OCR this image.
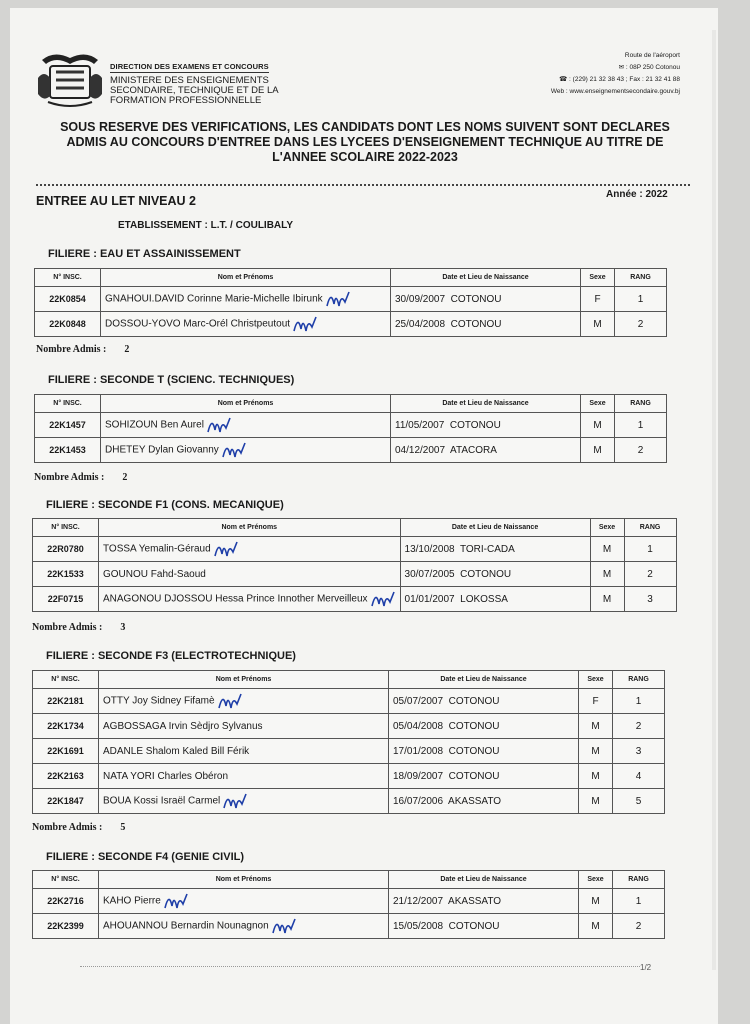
DIRECTION DES EXAMENS ET CONCOURS
MINISTERE DES ENSEIGNEMENTS SECONDAIRE, TECHNIQUE ET DE LA FORMATION PROFESSIONNELLE
Route de l'aéroport
✉ : 08P 250 Cotonou
☎ : (229) 21 32 38 43 ; Fax : 21 32 41 88
Web : www.enseignementsecondaire.gouv.bj
SOUS RESERVE DES VERIFICATIONS, LES CANDIDATS DONT LES NOMS SUIVENT SONT DECLARES ADMIS AU CONCOURS D'ENTREE DANS LES LYCEES D'ENSEIGNEMENT TECHNIQUE AU TITRE DE L'ANNEE SCOLAIRE 2022-2023
ENTREE AU LET NIVEAU 2	Année : 2022
ETABLISSEMENT : L.T. / COULIBALY
FILIERE : EAU ET ASSAINISSEMENT
N° INSC.	Nom et Prénoms	Date et Lieu de Naissance	Sexe	RANG
22K0854	GNAHOUI.DAVID Corinne Marie-Michelle Ibirunk	30/09/2007  COTONOU	F	1
22K0848	DOSSOU-YOVO Marc-Orél Christpeutout	25/04/2008  COTONOU	M	2
Nombre Admis : 2
FILIERE : SECONDE T (SCIENC. TECHNIQUES)
N° INSC.	Nom et Prénoms	Date et Lieu de Naissance	Sexe	RANG
22K1457	SOHIZOUN Ben Aurel	11/05/2007  COTONOU	M	1
22K1453	DHETEY Dylan Giovanny	04/12/2007  ATACORA	M	2
Nombre Admis : 2
FILIERE : SECONDE F1 (CONS. MECANIQUE)
N° INSC.	Nom et Prénoms	Date et Lieu de Naissance	Sexe	RANG
22R0780	TOSSA Yemalin-Géraud	13/10/2008  TORI-CADA	M	1
22K1533	GOUNOU Fahd-Saoud	30/07/2005  COTONOU	M	2
22F0715	ANAGONOU DJOSSOU Hessa Prince Innother Merveilleux	01/01/2007  LOKOSSA	M	3
Nombre Admis : 3
FILIERE : SECONDE F3 (ELECTROTECHNIQUE)
N° INSC.	Nom et Prénoms	Date et Lieu de Naissance	Sexe	RANG
22K2181	OTTY Joy Sidney Fifamè	05/07/2007  COTONOU	F	1
22K1734	AGBOSSAGA Irvin Sèdjro Sylvanus	05/04/2008  COTONOU	M	2
22K1691	ADANLE Shalom Kaled Bill Férik	17/01/2008  COTONOU	M	3
22K2163	NATA YORI Charles Obéron	18/09/2007  COTONOU	M	4
22K1847	BOUA Kossi Israël Carmel	16/07/2006  AKASSATO	M	5
Nombre Admis : 5
FILIERE : SECONDE F4 (GENIE CIVIL)
N° INSC.	Nom et Prénoms	Date et Lieu de Naissance	Sexe	RANG
22K2716	KAHO Pierre	21/12/2007  AKASSATO	M	1
22K2399	AHOUANNOU Bernardin Nounagnon	15/05/2008  COTONOU	M	2
1/2
